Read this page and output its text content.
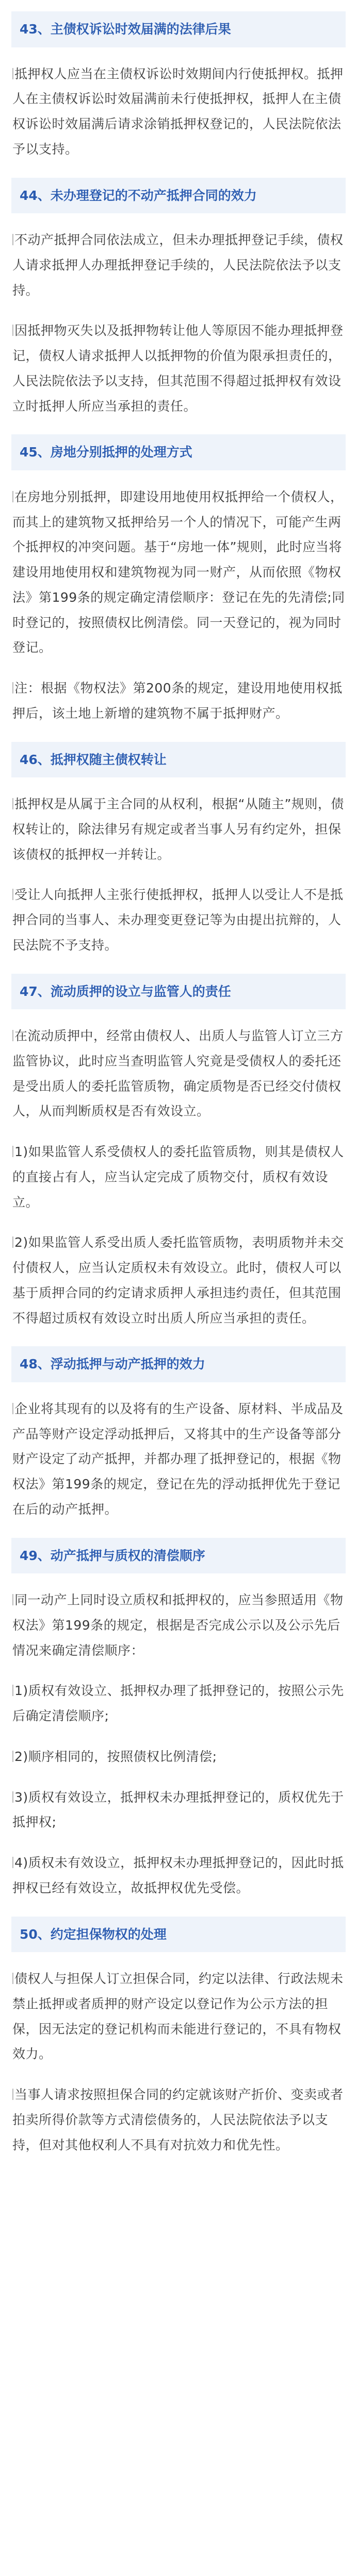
43、主债权诉讼时效届满的法律后果
抵押权人应当在主债权诉讼时效期间内行使抵押权。抵押人在主债权诉讼时效届满前未行使抵押权，抵押人在主债权诉讼时效届满后请求涂销抵押权登记的，人民法院依法予以支持。
44、未办理登记的不动产抵押合同的效力
不动产抵押合同依法成立，但未办理抵押登记手续，债权人请求抵押人办理抵押登记手续的，人民法院依法予以支持。
因抵押物灭失以及抵押物转让他人等原因不能办理抵押登记，债权人请求抵押人以抵押物的价值为限承担责任的，人民法院依法予以支持，但其范围不得超过抵押权有效设立时抵押人所应当承担的责任。
45、房地分别抵押的处理方式
在房地分别抵押，即建设用地使用权抵押给一个债权人，而其上的建筑物又抵押给另一个人的情况下，可能产生两个抵押权的冲突问题。基于“房地一体”规则，此时应当将建设用地使用权和建筑物视为同一财产，从而依照《物权法》第199条的规定确定清偿顺序：登记在先的先清偿;同时登记的，按照债权比例清偿。同一天登记的，视为同时登记。
注：根据《物权法》第200条的规定，建设用地使用权抵押后，该土地上新增的建筑物不属于抵押财产。
46、抵押权随主债权转让
抵押权是从属于主合同的从权利，根据“从随主”规则，债权转让的，除法律另有规定或者当事人另有约定外，担保该债权的抵押权一并转让。
受让人向抵押人主张行使抵押权，抵押人以受让人不是抵押合同的当事人、未办理变更登记等为由提出抗辩的，人民法院不予支持。
47、流动质押的设立与监管人的责任
在流动质押中，经常由债权人、出质人与监管人订立三方监管协议，此时应当查明监管人究竟是受债权人的委托还是受出质人的委托监管质物，确定质物是否已经交付债权人，从而判断质权是否有效设立。
1)如果监管人系受债权人的委托监管质物，则其是债权人的直接占有人，应当认定完成了质物交付，质权有效设立。
2)如果监管人系受出质人委托监管质物，表明质物并未交付债权人，应当认定质权未有效设立。此时，债权人可以基于质押合同的约定请求质押人承担违约责任，但其范围不得超过质权有效设立时出质人所应当承担的责任。
48、浮动抵押与动产抵押的效力
企业将其现有的以及将有的生产设备、原材料、半成品及产品等财产设定浮动抵押后，又将其中的生产设备等部分财产设定了动产抵押，并都办理了抵押登记的，根据《物权法》第199条的规定，登记在先的浮动抵押优先于登记在后的动产抵押。
49、动产抵押与质权的清偿顺序
同一动产上同时设立质权和抵押权的，应当参照适用《物权法》第199条的规定，根据是否完成公示以及公示先后情况来确定清偿顺序：
1)质权有效设立、抵押权办理了抵押登记的，按照公示先后确定清偿顺序;
2)顺序相同的，按照债权比例清偿;
3)质权有效设立，抵押权未办理抵押登记的，质权优先于抵押权;
4)质权未有效设立，抵押权未办理抵押登记的，因此时抵押权已经有效设立，故抵押权优先受偿。
50、约定担保物权的处理
债权人与担保人订立担保合同，约定以法律、行政法规未禁止抵押或者质押的财产设定以登记作为公示方法的担保，因无法定的登记机构而未能进行登记的，不具有物权效力。
当事人请求按照担保合同的约定就该财产折价、变卖或者拍卖所得价款等方式清偿债务的，人民法院依法予以支持，但对其他权利人不具有对抗效力和优先性。
